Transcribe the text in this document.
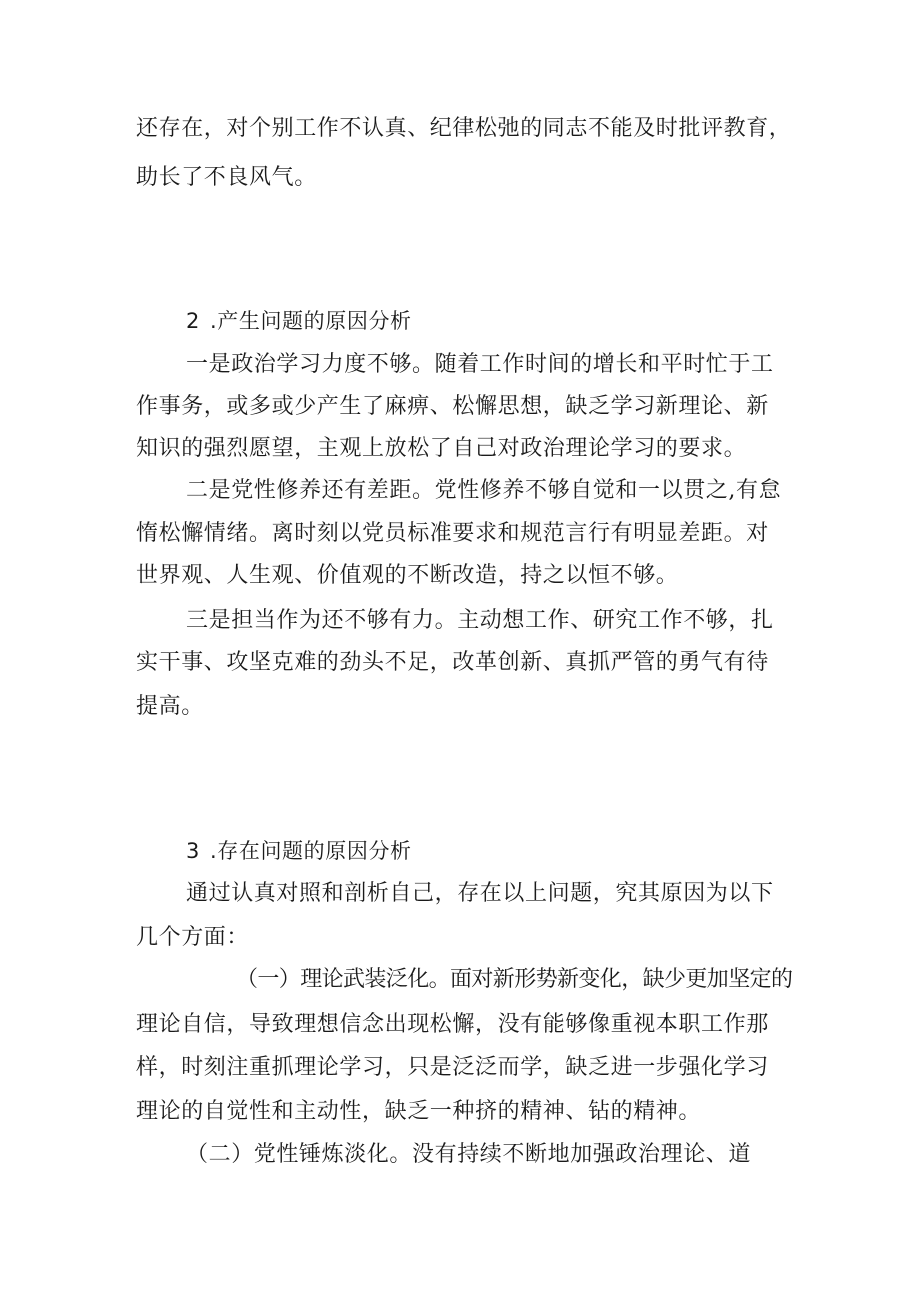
还存在，对个别工作不认真、纪律松弛的同志不能及时批评教育，
助长了不良风气。
2 .产生问题的原因分析
一是政治学习力度不够。随着工作时间的增长和平时忙于工
作事务，或多或少产生了麻痹、松懈思想，缺乏学习新理论、新
知识的强烈愿望，主观上放松了自己对政治理论学习的要求。
二是党性修养还有差距。党性修养不够自觉和一以贯之,有怠
惰松懈情绪。离时刻以党员标准要求和规范言行有明显差距。对
世界观、人生观、价值观的不断改造，持之以恒不够。
三是担当作为还不够有力。主动想工作、研究工作不够，扎
实干事、攻坚克难的劲头不足，改革创新、真抓严管的勇气有待
提高。
3 .存在问题的原因分析
通过认真对照和剖析自己，存在以上问题，究其原因为以下
几个方面：
（一）理论武装泛化。面对新形势新变化，缺少更加坚定的
理论自信，导致理想信念出现松懈，没有能够像重视本职工作那
样，时刻注重抓理论学习，只是泛泛而学，缺乏进一步强化学习
理论的自觉性和主动性，缺乏一种挤的精神、钻的精神。
（二）党性锤炼淡化。没有持续不断地加强政治理论、道
